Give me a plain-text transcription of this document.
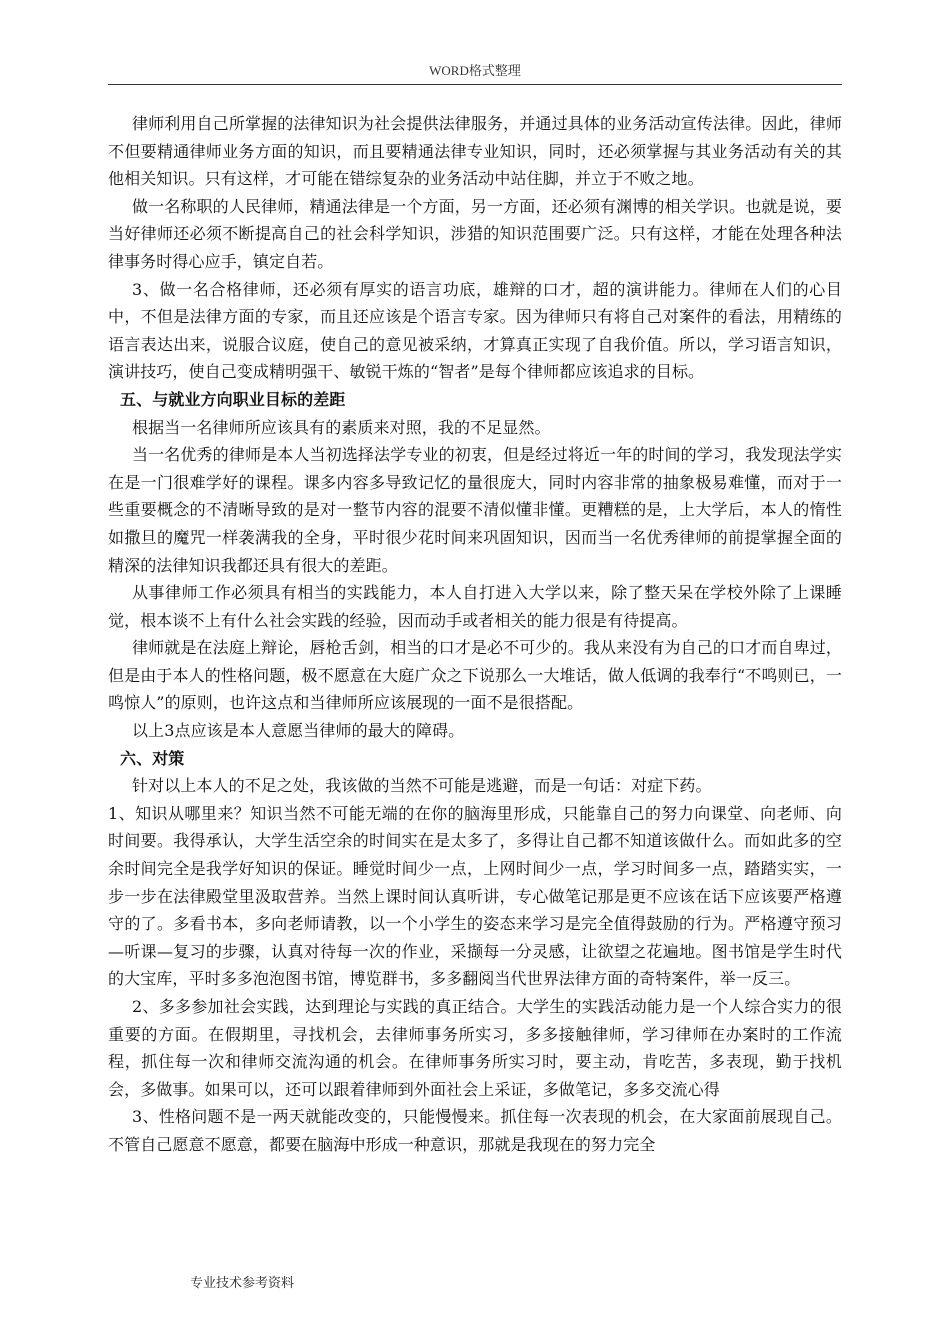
WORD格式整理

律师利用自己所掌握的法律知识为社会提供法律服务，并通过具体的业务活动宣传法律。因此，律师不但要精通律师业务方面的知识，而且要精通法律专业知识，同时，还必须掌握与其业务活动有关的其他相关知识。只有这样，才可能在错综复杂的业务活动中站住脚，并立于不败之地。

做一名称职的人民律师，精通法律是一个方面，另一方面，还必须有渊博的相关学识。也就是说，要当好律师还必须不断提高自己的社会科学知识，涉猎的知识范围要广泛。只有这样，才能在处理各种法律事务时得心应手，镇定自若。

3、做一名合格律师，还必须有厚实的语言功底，雄辩的口才，超的演讲能力。律师在人们的心目中，不但是法律方面的专家，而且还应该是个语言专家。因为律师只有将自己对案件的看法，用精练的语言表达出来，说服合议庭，使自己的意见被采纳，才算真正实现了自我价值。所以，学习语言知识，演讲技巧，使自己变成精明强干、敏锐干炼的“智者”是每个律师都应该追求的目标。

五、与就业方向职业目标的差距

根据当一名律师所应该具有的素质来对照，我的不足显然。

当一名优秀的律师是本人当初选择法学专业的初衷，但是经过将近一年的时间的学习，我发现法学实在是一门很难学好的课程。课多内容多导致记忆的量很庞大，同时内容非常的抽象极易难懂，而对于一些重要概念的不清晰导致的是对一整节内容的混要不清似懂非懂。更糟糕的是，上大学后，本人的惰性如撒旦的魔咒一样袭满我的全身，平时很少花时间来巩固知识，因而当一名优秀律师的前提掌握全面的精深的法律知识我都还具有很大的差距。

从事律师工作必须具有相当的实践能力，本人自打进入大学以来，除了整天呆在学校外除了上课睡觉，根本谈不上有什么社会实践的经验，因而动手或者相关的能力很是有待提高。

律师就是在法庭上辩论，唇枪舌剑，相当的口才是必不可少的。我从来没有为自己的口才而自卑过，但是由于本人的性格问题，极不愿意在大庭广众之下说那么一大堆话，做人低调的我奉行“不鸣则已，一鸣惊人”的原则，也许这点和当律师所应该展现的一面不是很搭配。

以上3点应该是本人意愿当律师的最大的障碍。

六、对策

针对以上本人的不足之处，我该做的当然不可能是逃避，而是一句话：对症下药。

1、知识从哪里来？知识当然不可能无端的在你的脑海里形成，只能靠自己的努力向课堂、向老师、向时间要。我得承认，大学生活空余的时间实在是太多了，多得让自己都不知道该做什么。而如此多的空余时间完全是我学好知识的保证。睡觉时间少一点，上网时间少一点，学习时间多一点，踏踏实实，一步一步在法律殿堂里汲取营养。当然上课时间认真听讲，专心做笔记那是更不应该在话下应该要严格遵守的了。多看书本，多向老师请教，以一个小学生的姿态来学习是完全值得鼓励的行为。严格遵守预习—听课—复习的步骤，认真对待每一次的作业，采撷每一分灵感，让欲望之花遍地。图书馆是学生时代的大宝库，平时多多泡泡图书馆，博览群书，多多翻阅当代世界法律方面的奇特案件，举一反三。

2、多多参加社会实践，达到理论与实践的真正结合。大学生的实践活动能力是一个人综合实力的很重要的方面。在假期里，寻找机会，去律师事务所实习，多多接触律师，学习律师在办案时的工作流程，抓住每一次和律师交流沟通的机会。在律师事务所实习时，要主动，肯吃苦，多表现，勤于找机会，多做事。如果可以，还可以跟着律师到外面社会上采证，多做笔记，多多交流心得

3、性格问题不是一两天就能改变的，只能慢慢来。抓住每一次表现的机会，在大家面前展现自己。不管自己愿意不愿意，都要在脑海中形成一种意识，那就是我现在的努力完全

专业技术参考资料
